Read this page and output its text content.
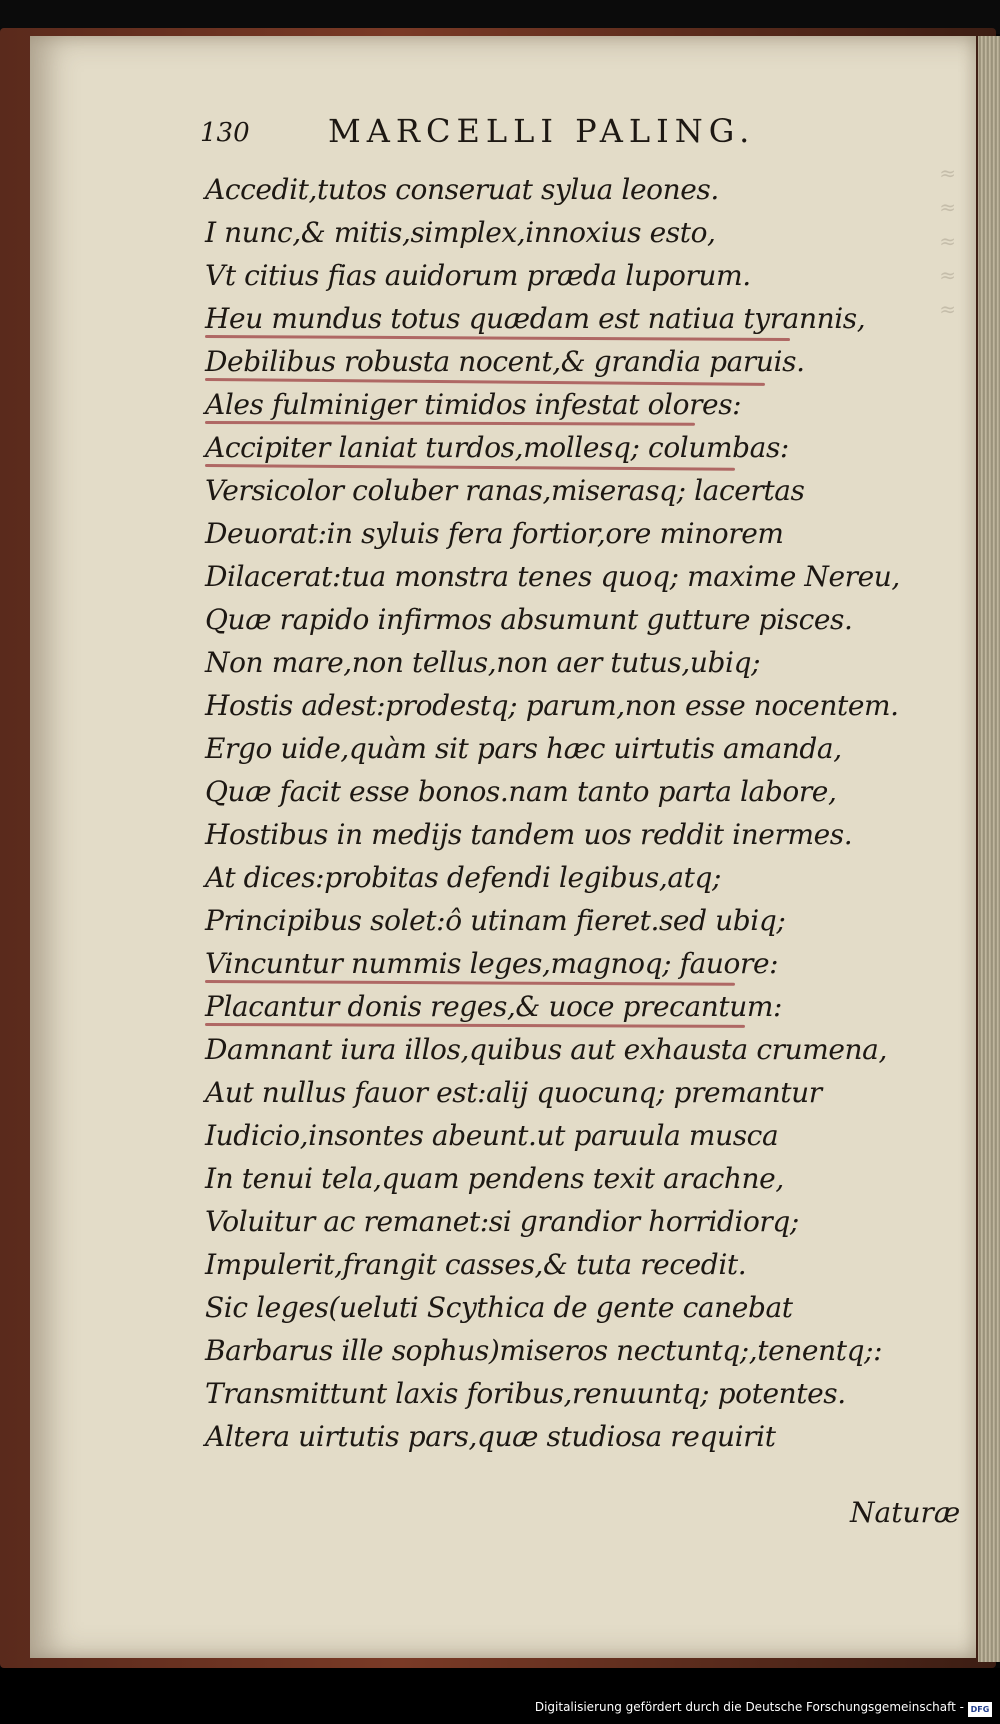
≈
≈
≈
≈
≈
130 MARCELLI PALING.
Accedit,tutos conseruat sylua leones.
I nunc,& mitis,simplex,innoxius esto,
Vt citius fias auidorum præda luporum.
Heu mundus totus quædam est natiua tyrannis,
Debilibus robusta nocent,& grandia paruis.
Ales fulminiger timidos infestat olores:
Accipiter laniat turdos,mollesq; columbas:
Versicolor coluber ranas,miserasq; lacertas
Deuorat:in syluis fera fortior,ore minorem
Dilacerat:tua monstra tenes quoq; maxime Nereu,
Quæ rapido infirmos absumunt gutture pisces.
Non mare,non tellus,non aer tutus,ubiq;
Hostis adest:prodestq; parum,non esse nocentem.
Ergo uide,quàm sit pars hæc uirtutis amanda,
Quæ facit esse bonos.nam tanto parta labore,
Hostibus in medijs tandem uos reddit inermes.
At dices:probitas defendi legibus,atq;
Principibus solet:ô utinam fieret.sed ubiq;
Vincuntur nummis leges,magnoq; fauore:
Placantur donis reges,& uoce precantum:
Damnant iura illos,quibus aut exhausta crumena,
Aut nullus fauor est:alij quocunq; premantur
Iudicio,insontes abeunt.ut paruula musca
In tenui tela,quam pendens texit arachne,
Voluitur ac remanet:si grandior horridiorq;
Impulerit,frangit casses,& tuta recedit.
Sic leges(ueluti Scythica de gente canebat
Barbarus ille sophus)miseros nectuntq;,tenentq;:
Transmittunt laxis foribus,renuuntq; potentes.
Altera uirtutis pars,quæ studiosa requirit
Naturæ
Digitalisierung gefördert durch die Deutsche Forschungsgemeinschaft - DFG
